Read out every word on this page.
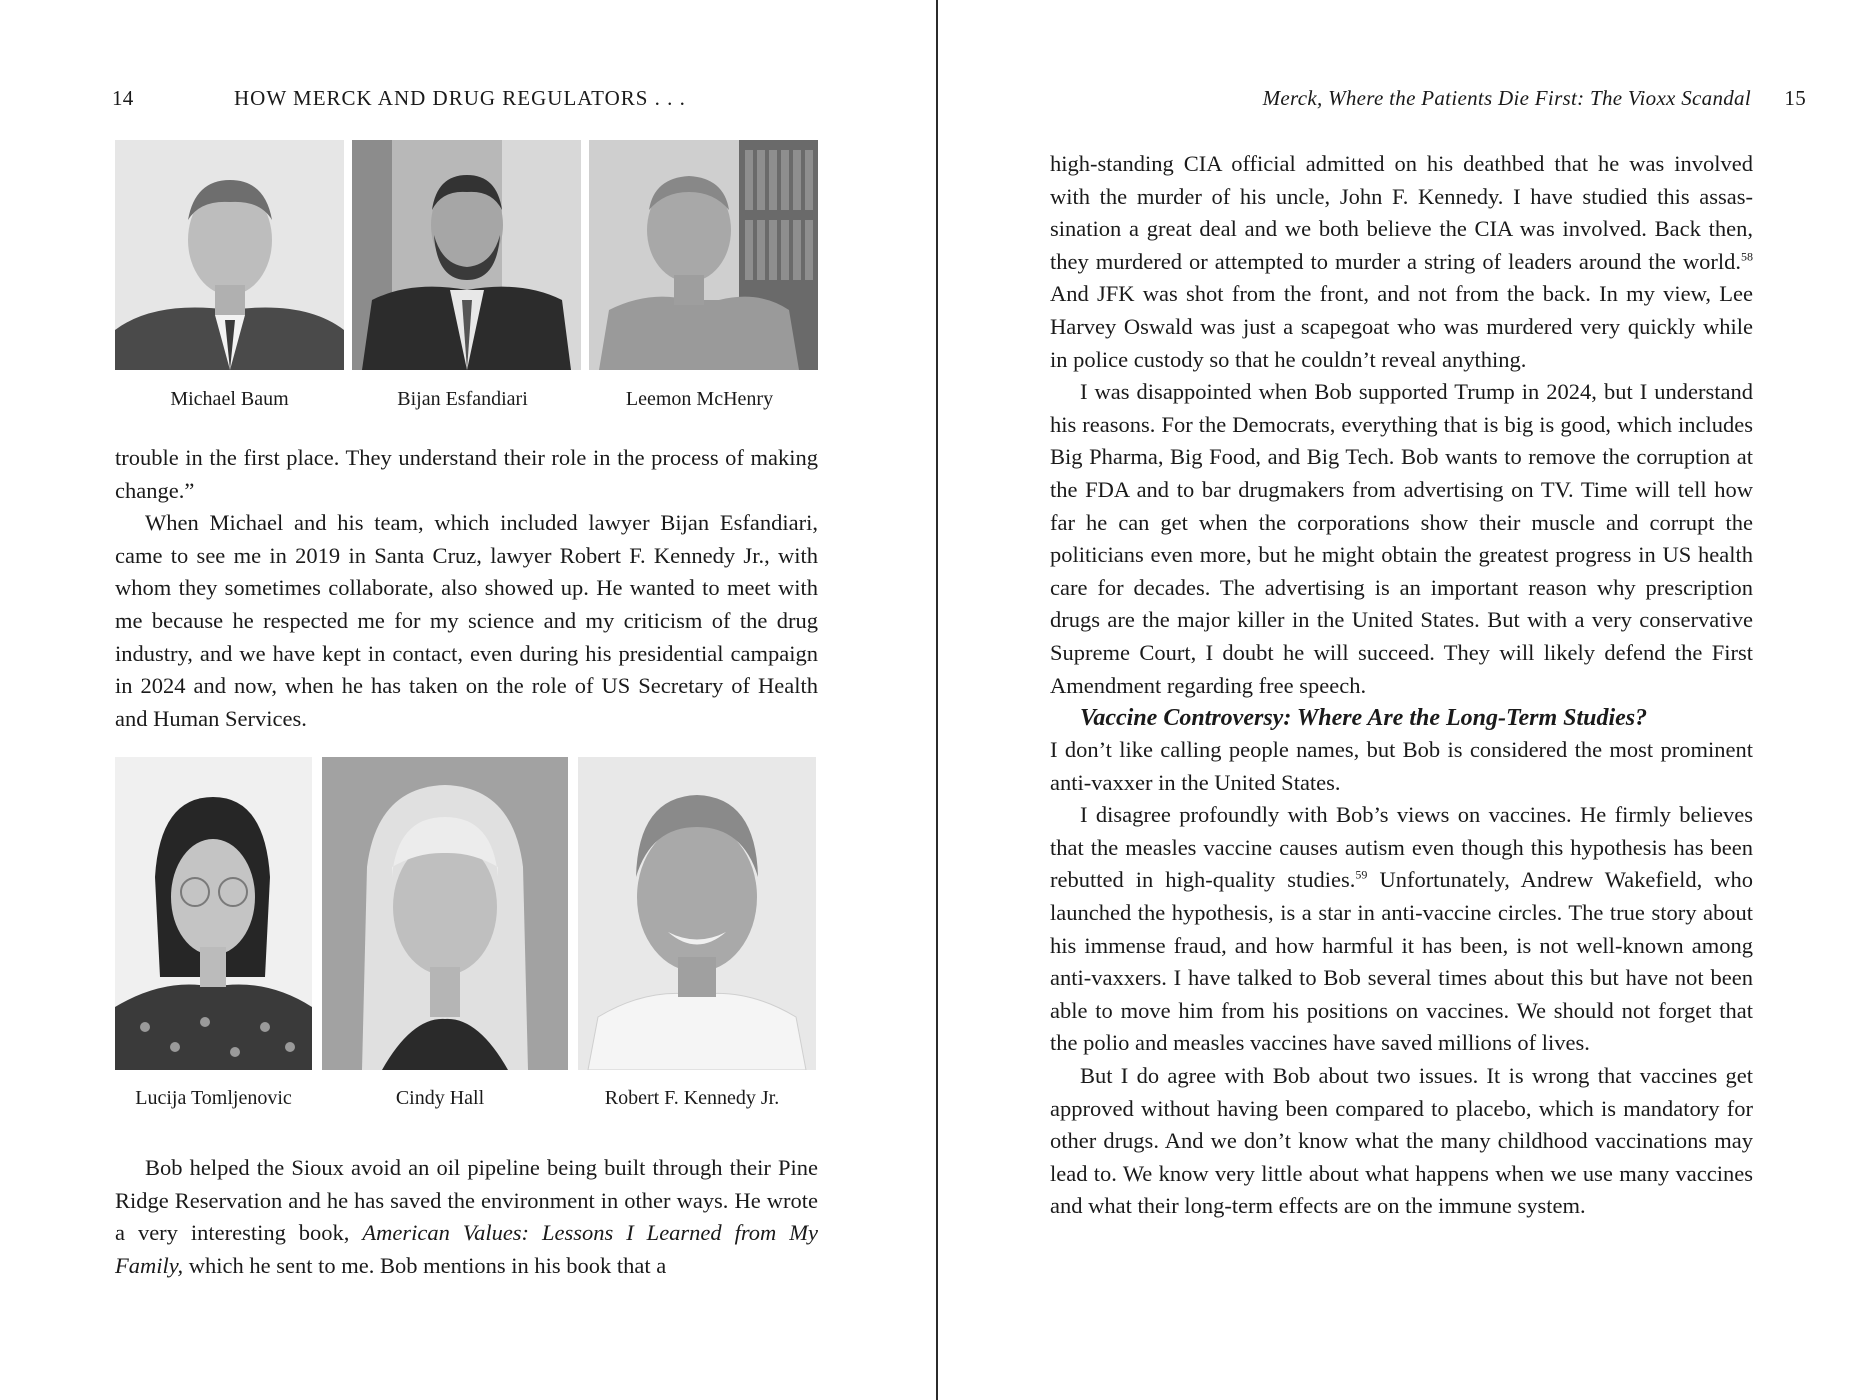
14	HOW MERCK AND DRUG REGULATORS . . .
Michael Baum	Bijan Esfandiari	Leemon McHenry

trouble in the first place. They understand their role in the process of making change.”

When Michael and his team, which included lawyer Bijan Esfandiari, came to see me in 2019 in Santa Cruz, lawyer Robert F. Kennedy Jr., with whom they sometimes collaborate, also showed up. He wanted to meet with me because he respected me for my science and my criticism of the drug industry, and we have kept in contact, even during his presidential campaign in 2024 and now, when he has taken on the role of US Secretary of Health and Human Services.

Lucija Tomljenovic	Cindy Hall	Robert F. Kennedy Jr.

Bob helped the Sioux avoid an oil pipeline being built through their Pine Ridge Reservation and he has saved the environment in other ways. He wrote a very interesting book, American Values: Lessons I Learned from My Family, which he sent to me. Bob mentions in his book that a

Merck, Where the Patients Die First: The Vioxx Scandal 15

high-standing CIA official admitted on his deathbed that he was involved with the murder of his uncle, John F. Kennedy. I have studied this assassination a great deal and we both believe the CIA was involved. Back then, they murdered or attempted to murder a string of leaders around the world.$^{58}$ And JFK was shot from the front, and not from the back. In my view, Lee Harvey Oswald was just a scapegoat who was murdered very quickly while in police custody so that he couldn’t reveal anything.

I was disappointed when Bob supported Trump in 2024, but I understand his reasons. For the Democrats, everything that is big is good, which includes Big Pharma, Big Food, and Big Tech. Bob wants to remove the corruption at the FDA and to bar drugmakers from advertising on TV. Time will tell how far he can get when the corporations show their muscle and corrupt the politicians even more, but he might obtain the greatest progress in US health care for decades. The advertising is an important reason why prescription drugs are the major killer in the United States. But with a very conservative Supreme Court, I doubt he will succeed. They will likely defend the First Amendment regarding free speech.

Vaccine Controversy: Where Are the Long-Term Studies?

I don’t like calling people names, but Bob is considered the most prominent anti-vaxxer in the United States.

I disagree profoundly with Bob’s views on vaccines. He firmly believes that the measles vaccine causes autism even though this hypothesis has been rebutted in high-quality studies.$^{59}$ Unfortunately, Andrew Wakefield, who launched the hypothesis, is a star in anti-vaccine circles. The true story about his immense fraud, and how harmful it has been, is not well-known among anti-vaxxers. I have talked to Bob several times about this but have not been able to move him from his positions on vaccines. We should not forget that the polio and measles vaccines have saved millions of lives.

But I do agree with Bob about two issues. It is wrong that vaccines get approved without having been compared to placebo, which is mandatory for other drugs. And we don’t know what the many childhood vaccinations may lead to. We know very little about what happens when we use many vaccines and what their long-term effects are on the immune system.
